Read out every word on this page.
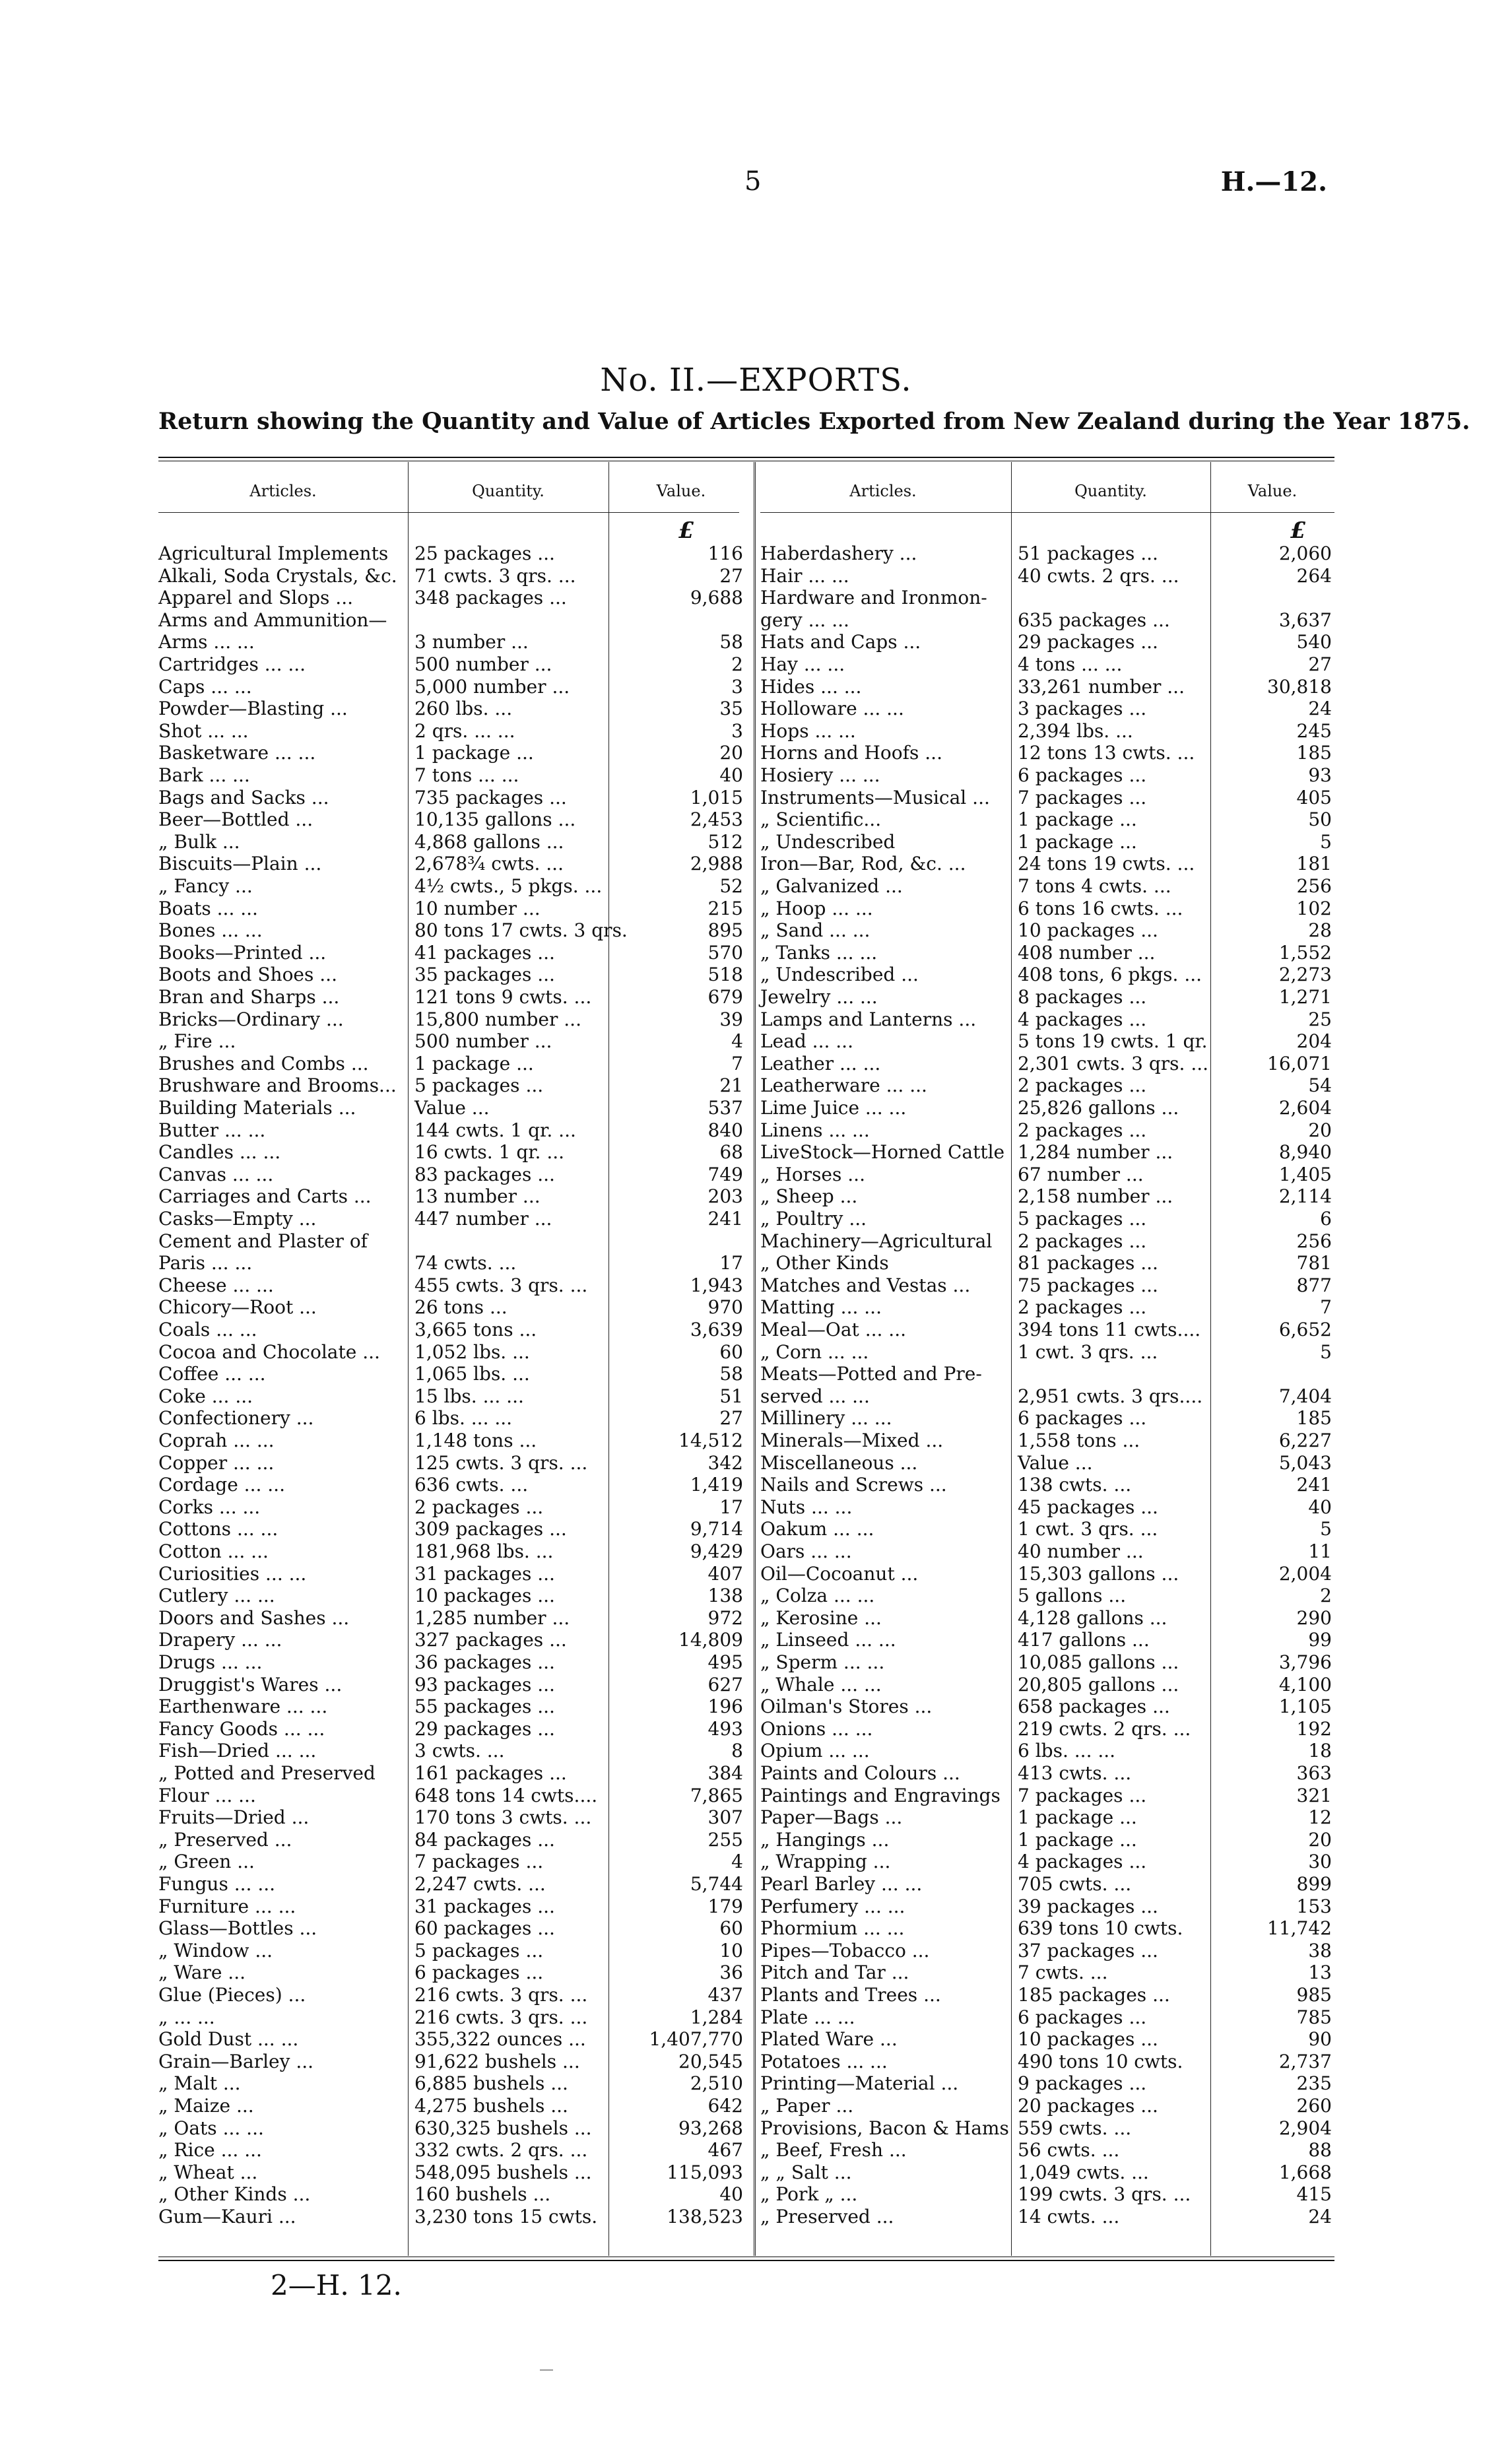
5	H.—12.
No. II.—EXPORTS.
Return showing the Quantity and Value of Articles Exported from New Zealand during the Year 1875.
Articles.	Quantity.	Value.	Articles.	Quantity.	Value.
£	£
Agricultural Implements	25 packages ...	116
Alkali, Soda Crystals, &c. 71 cwts. 3 qrs. ...	27
Apparel and Slops ...	348 packages ...	9,688
Arms and Ammunition—
Arms ... ...	3 number ...	58
Cartridges ... ...	500 number ...	2
Caps ... ...	5,000 number ...	3
Powder—Blasting ...	260 lbs. ...	35
Shot ... ...	2 qrs. ... ...	3
Basketware ... ...	1 package ...	20
Bark ... ...	7 tons ... ...	40
Bags and Sacks ...	735 packages ...	1,015
Beer—Bottled ...	10,135 gallons ...	2,453
„ Bulk ...	4,868 gallons ...	512
Biscuits—Plain ...	2,678¾ cwts. ...	2,988
„ Fancy ...	4½ cwts., 5 pkgs. ...	52
Boats ... ...	10 number ...	215
Bones ... ...	80 tons 17 cwts. 3 qrs.	895
Books—Printed ...	41 packages ...	570
Boots and Shoes ...	35 packages ...	518
Bran and Sharps ...	121 tons 9 cwts. ...	679
Bricks—Ordinary ...	15,800 number ...	39
„ Fire ...	500 number ...	4
Brushes and Combs ...	1 package ...	7
Brushware and Brooms... 5 packages ...	21
Building Materials ...	Value ...	537
Butter ... ...	144 cwts. 1 qr. ...	840
Candles ... ...	16 cwts. 1 qr. ...	68
Canvas ... ...	83 packages ...	749
Carriages and Carts ...	13 number ...	203
Casks—Empty ...	447 number ...	241
Cement and Plaster of
Paris ... ...	74 cwts. ...	17
Cheese ... ...	455 cwts. 3 qrs. ...	1,943
Chicory—Root ...	26 tons ...	970
Coals ... ...	3,665 tons ...	3,639
Cocoa and Chocolate ...	1,052 lbs. ...	60
Coffee ... ...	1,065 lbs. ...	58
Coke ... ...	15 lbs. ... ...	51
Confectionery ...	6 lbs. ... ...	27
Coprah ... ...	1,148 tons ...	14,512
Copper ... ...	125 cwts. 3 qrs. ...	342
Cordage ... ...	636 cwts. ...	1,419
Corks ... ...	2 packages ...	17
Cottons ... ...	309 packages ...	9,714
Cotton ... ...	181,968 lbs. ...	9,429
Curiosities ... ...	31 packages ...	407
Cutlery ... ...	10 packages ...	138
Doors and Sashes ...	1,285 number ...	972
Drapery ... ...	327 packages ...	14,809
Drugs ... ...	36 packages ...	495
Druggist's Wares ...	93 packages ...	627
Earthenware ... ...	55 packages ...	196
Fancy Goods ... ...	29 packages ...	493
Fish—Dried ... ...	3 cwts. ...	8
„ Potted and Preserved	161 packages ...	384
Flour ... ...	648 tons 14 cwts....	7,865
Fruits—Dried ...	170 tons 3 cwts. ...	307
„ Preserved ...	84 packages ...	255
„ Green ...	7 packages ...	4
Fungus ... ...	2,247 cwts. ...	5,744
Furniture ... ...	31 packages ...	179
Glass—Bottles ...	60 packages ...	60
„ Window ...	5 packages ...	10
„ Ware ...	6 packages ...	36
Glue (Pieces) ...	216 cwts. 3 qrs. ...	437
„ ... ...	216 cwts. 3 qrs. ...	1,284
Gold Dust ... ...	355,322 ounces ...	1,407,770
Grain—Barley ...	91,622 bushels ...	20,545
„ Malt ...	6,885 bushels ...	2,510
„ Maize ...	4,275 bushels ...	642
„ Oats ... ...	630,325 bushels ...	93,268
„ Rice ... ...	332 cwts. 2 qrs. ...	467
„ Wheat ...	548,095 bushels ...	115,093
„ Other Kinds ...	160 bushels ...	40
Gum—Kauri ...	3,230 tons 15 cwts.	138,523
Haberdashery ...	51 packages ...	2,060
Hair ... ...	40 cwts. 2 qrs. ...	264
Hardware and Ironmon-
gery ... ...	635 packages ...	3,637
Hats and Caps ...	29 packages ...	540
Hay ... ...	4 tons ... ...	27
Hides ... ...	33,261 number ...	30,818
Holloware ... ...	3 packages ...	24
Hops ... ...	2,394 lbs. ...	245
Horns and Hoofs ...	12 tons 13 cwts. ...	185
Hosiery ... ...	6 packages ...	93
Instruments—Musical ...	7 packages ...	405
„ Scientific...	1 package ...	50
„ Undescribed	1 package ...	5
Iron—Bar, Rod, &c. ...	24 tons 19 cwts. ...	181
„ Galvanized ...	7 tons 4 cwts. ...	256
„ Hoop ... ...	6 tons 16 cwts. ...	102
„ Sand ... ...	10 packages ...	28
„ Tanks ... ...	408 number ...	1,552
„ Undescribed ...	408 tons, 6 pkgs. ...	2,273
Jewelry ... ...	8 packages ...	1,271
Lamps and Lanterns ...	4 packages ...	25
Lead ... ...	5 tons 19 cwts. 1 qr.	204
Leather ... ...	2,301 cwts. 3 qrs. ...	16,071
Leatherware ... ...	2 packages ...	54
Lime Juice ... ...	25,826 gallons ...	2,604
Linens ... ...	2 packages ...	20
LiveStock—Horned Cattle 1,284 number ...	8,940
„ Horses ...	67 number ...	1,405
„ Sheep ...	2,158 number ...	2,114
„ Poultry ...	5 packages ...	6
Machinery—Agricultural	2 packages ...	256
„ Other Kinds	81 packages ...	781
Matches and Vestas ...	75 packages ...	877
Matting ... ...	2 packages ...	7
Meal—Oat ... ...	394 tons 11 cwts....	6,652
„ Corn ... ...	1 cwt. 3 qrs. ...	5
Meats—Potted and Pre-
served ... ...	2,951 cwts. 3 qrs....	7,404
Millinery ... ...	6 packages ...	185
Minerals—Mixed ...	1,558 tons ...	6,227
Miscellaneous ...	Value ...	5,043
Nails and Screws ...	138 cwts. ...	241
Nuts ... ...	45 packages ...	40
Oakum ... ...	1 cwt. 3 qrs. ...	5
Oars ... ...	40 number ...	11
Oil—Cocoanut ...	15,303 gallons ...	2,004
„ Colza ... ...	5 gallons ...	2
„ Kerosine ...	4,128 gallons ...	290
„ Linseed ... ...	417 gallons ...	99
„ Sperm ... ...	10,085 gallons ...	3,796
„ Whale ... ...	20,805 gallons ...	4,100
Oilman's Stores ...	658 packages ...	1,105
Onions ... ...	219 cwts. 2 qrs. ...	192
Opium ... ...	6 lbs. ... ...	18
Paints and Colours ...	413 cwts. ...	363
Paintings and Engravings 7 packages ...	321
Paper—Bags ...	1 package ...	12
„ Hangings ...	1 package ...	20
„ Wrapping ...	4 packages ...	30
Pearl Barley ... ...	705 cwts. ...	899
Perfumery ... ...	39 packages ...	153
Phormium ... ...	639 tons 10 cwts.	11,742
Pipes—Tobacco ...	37 packages ...	38
Pitch and Tar ...	7 cwts. ...	13
Plants and Trees ...	185 packages ...	985
Plate ... ...	6 packages ...	785
Plated Ware ...	10 packages ...	90
Potatoes ... ...	490 tons 10 cwts.	2,737
Printing—Material ...	9 packages ...	235
„ Paper ...	20 packages ...	260
Provisions, Bacon & Hams 559 cwts. ...	2,904
„ Beef, Fresh ...	56 cwts. ...	88
„ „ Salt ...	1,049 cwts. ...	1,668
„ Pork „ ...	199 cwts. 3 qrs. ...	415
„ Preserved ...	14 cwts. ...	24
2—H. 12.
